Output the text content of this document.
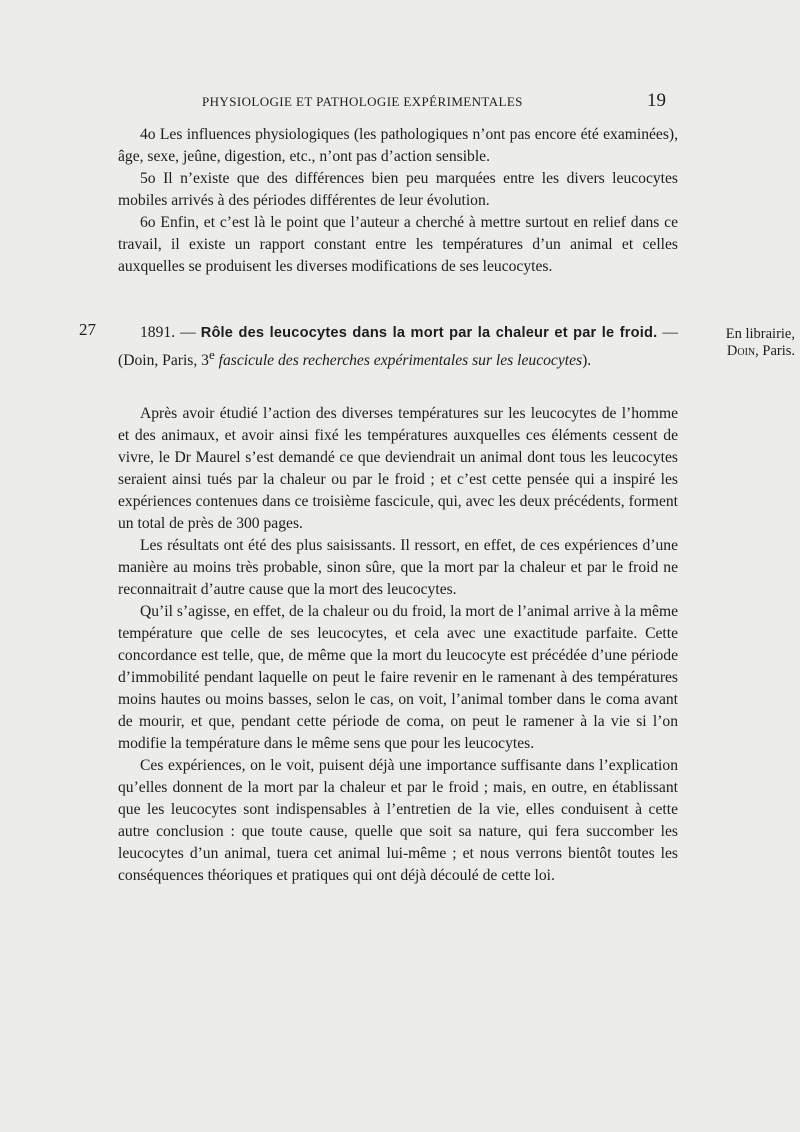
PHYSIOLOGIE ET PATHOLOGIE EXPÉRIMENTALES	19

4o Les influences physiologiques (les pathologiques n’ont pas encore été examinées), âge, sexe, jeûne, digestion, etc., n’ont pas d’action sensible.

5o Il n’existe que des différences bien peu marquées entre les divers leucocytes mobiles arrivés à des périodes différentes de leur évolution.

6o Enfin, et c’est là le point que l’auteur a cherché à mettre surtout en relief dans ce travail, il existe un rapport constant entre les températures d’un animal et celles auxquelles se produisent les diverses modifications de ses leucocytes.

27	1891. — Rôle des leucocytes dans la mort par la chaleur et par le froid. — (Doin, Paris, 3e fascicule des recherches expérimentales sur les leucocytes).

En librairie,
Doin, Paris.

Après avoir étudié l’action des diverses températures sur les leucocytes de l’homme et des animaux, et avoir ainsi fixé les températures auxquelles ces éléments cessent de vivre, le Dr Maurel s’est demandé ce que deviendrait un animal dont tous les leucocytes seraient ainsi tués par la chaleur ou par le froid ; et c’est cette pensée qui a inspiré les expériences contenues dans ce troisième fascicule, qui, avec les deux précédents, forment un total de près de 300 pages.

Les résultats ont été des plus saisissants. Il ressort, en effet, de ces expériences d’une manière au moins très probable, sinon sûre, que la mort par la chaleur et par le froid ne reconnaitrait d’autre cause que la mort des leucocytes.

Qu’il s’agisse, en effet, de la chaleur ou du froid, la mort de l’animal arrive à la même température que celle de ses leucocytes, et cela avec une exactitude parfaite. Cette concordance est telle, que, de même que la mort du leucocyte est précédée d’une période d’immobilité pendant laquelle on peut le faire revenir en le ramenant à des températures moins hautes ou moins basses, selon le cas, on voit, l’animal tomber dans le coma avant de mourir, et que, pendant cette période de coma, on peut le ramener à la vie si l’on modifie la température dans le même sens que pour les leucocytes.

Ces expériences, on le voit, puisent déjà une importance suffisante dans l’explication qu’elles donnent de la mort par la chaleur et par le froid ; mais, en outre, en établissant que les leucocytes sont indispensables à l’entretien de la vie, elles conduisent à cette autre conclusion : que toute cause, quelle que soit sa nature, qui fera succomber les leucocytes d’un animal, tuera cet animal lui-même ; et nous verrons bientôt toutes les conséquences théoriques et pratiques qui ont déjà découlé de cette loi.
